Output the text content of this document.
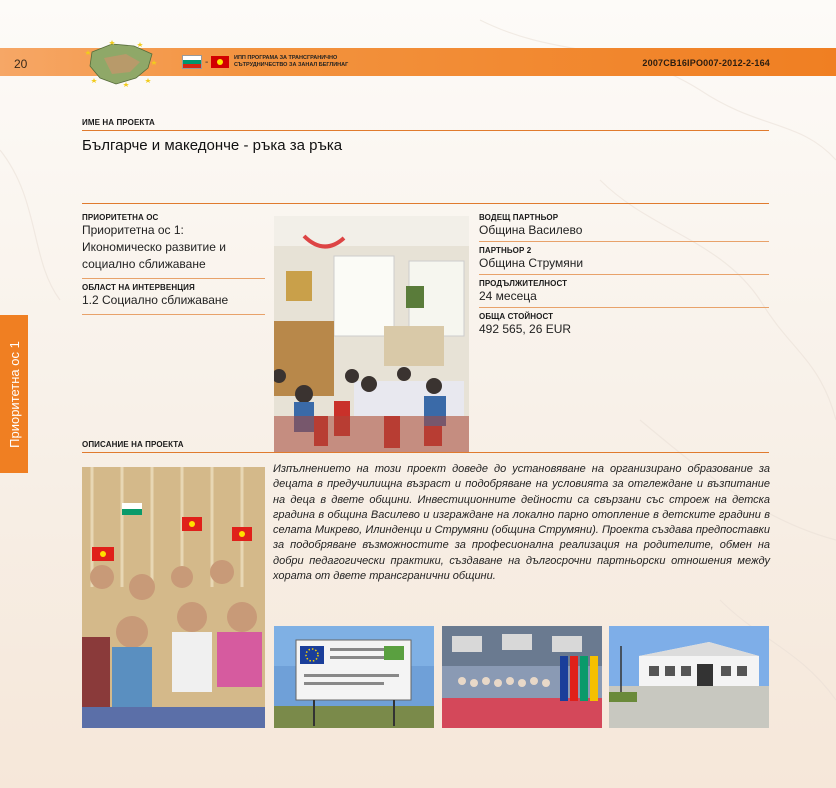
20	-	ИПП ПРОГРАМА ЗА ТРАНСГРАНИЧНО СЪТРУДНИЧЕСТВО ЗА ЗАНАЛ БЕГЛИНАГ	2007CB16IPO007-2012-2-164
Приоритетна ос 1
ИМЕ НА ПРОЕКТА
Българче и македонче - ръка за ръка
ПРИОРИТЕТНА ОС
Приоритетна ос 1: Икономическо развитие и социално сближаване
ОБЛАСТ НА ИНТЕРВЕНЦИЯ
1.2 Социално сближаване
ВОДЕЩ ПАРТНЬОР
Община Василево
ПАРТНЬОР 2
Община Струмяни
ПРОДЪЛЖИТЕЛНОСТ
24 месеца
ОБЩА СТОЙНОСТ
492 565, 26 EUR
ОПИСАНИЕ НА ПРОЕКТА
Изпълнението на този проект доведе до установяване на организирано образование за децата в предучилищна възраст и подобряване на условията за отглеждане и възпитание на деца в двете общини. Инвестиционните дейности са свързани със строеж на детска градина в община Василево и изграждане на локално парно отопление в детските градини в селата Микрево, Илинденци и Струмяни (община Струмяни). Проекта създава предпоставки за подобряване възможностите за професионална реализация на родителите, обмен на добри педагогически практики, създаване на дългосрочни партньорски отношения между хората от двете трансгранични общини.
